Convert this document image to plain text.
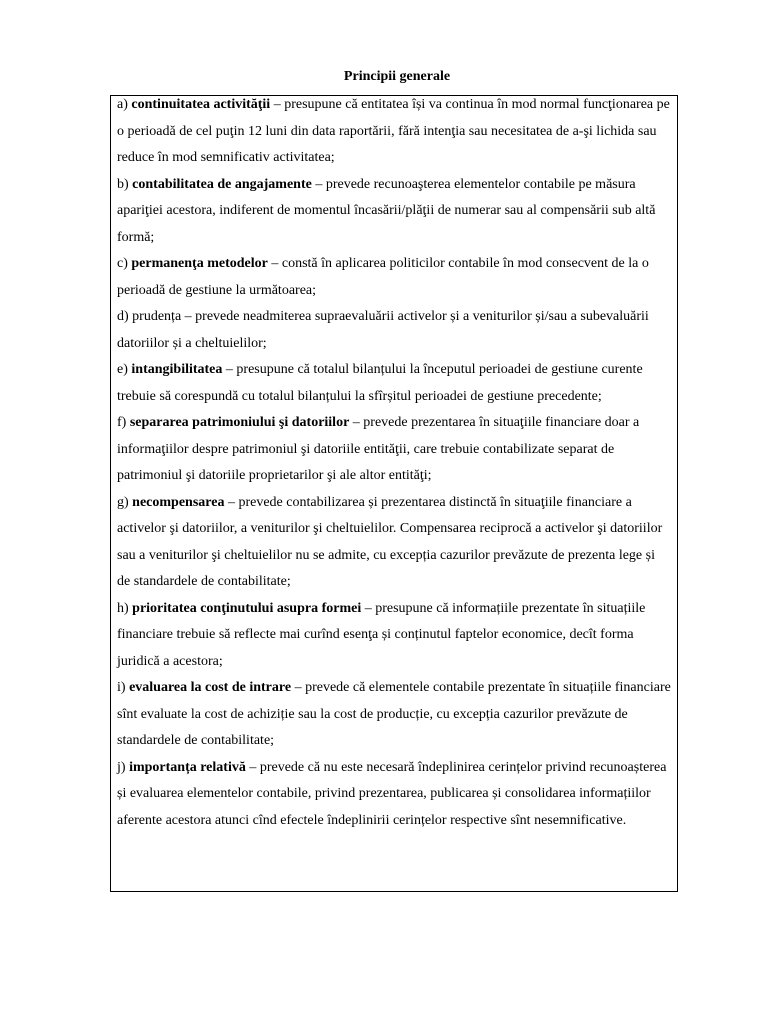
Principii generale

a) continuitatea activităţii – presupune că entitatea își va continua în mod normal funcţionarea pe o perioadă de cel puţin 12 luni din data raportării, fără intenţia sau necesitatea de a-şi lichida sau reduce în mod semnificativ activitatea;

b) contabilitatea de angajamente – prevede recunoaşterea elementelor contabile pe măsura apariţiei acestora, indiferent de momentul încasării/plăţii de numerar sau al compensării sub altă formă;

c) permanenţa metodelor – constă în aplicarea politicilor contabile în mod consecvent de la o perioadă de gestiune la următoarea;

d) prudența – prevede neadmiterea supraevaluării activelor și a veniturilor și/sau a subevaluării datoriilor și a cheltuielilor;

e) intangibilitatea – presupune că totalul bilanțului la începutul perioadei de gestiune curente trebuie să corespundă cu totalul bilanțului la sfîrșitul perioadei de gestiune precedente;

f) separarea patrimoniului şi datoriilor – prevede prezentarea în situaţiile financiare doar a informaţiilor despre patrimoniul şi datoriile entităţii, care trebuie contabilizate separat de patrimoniul şi datoriile proprietarilor şi ale altor entităţi;

g) necompensarea – prevede contabilizarea și prezentarea distinctă în situaţiile financiare a activelor şi datoriilor, a veniturilor şi cheltuielilor. Compensarea reciprocă a activelor şi datoriilor sau a veniturilor şi cheltuielilor nu se admite, cu excepția cazurilor prevăzute de prezenta lege și de standardele de contabilitate;

h) prioritatea conţinutului asupra formei – presupune că informațiile prezentate în situațiile financiare trebuie să reflecte mai curînd esenţa și conținutul faptelor economice, decît forma juridică a acestora;

i) evaluarea la cost de intrare – prevede că elementele contabile prezentate în situațiile financiare sînt evaluate la cost de achiziție sau la cost de producție, cu excepția cazurilor prevăzute de standardele de contabilitate;

j) importanța relativă – prevede că nu este necesară îndeplinirea cerințelor privind recunoașterea și evaluarea elementelor contabile, privind prezentarea, publicarea și consolidarea informațiilor aferente acestora atunci cînd efectele îndeplinirii cerințelor respective sînt nesemnificative.
